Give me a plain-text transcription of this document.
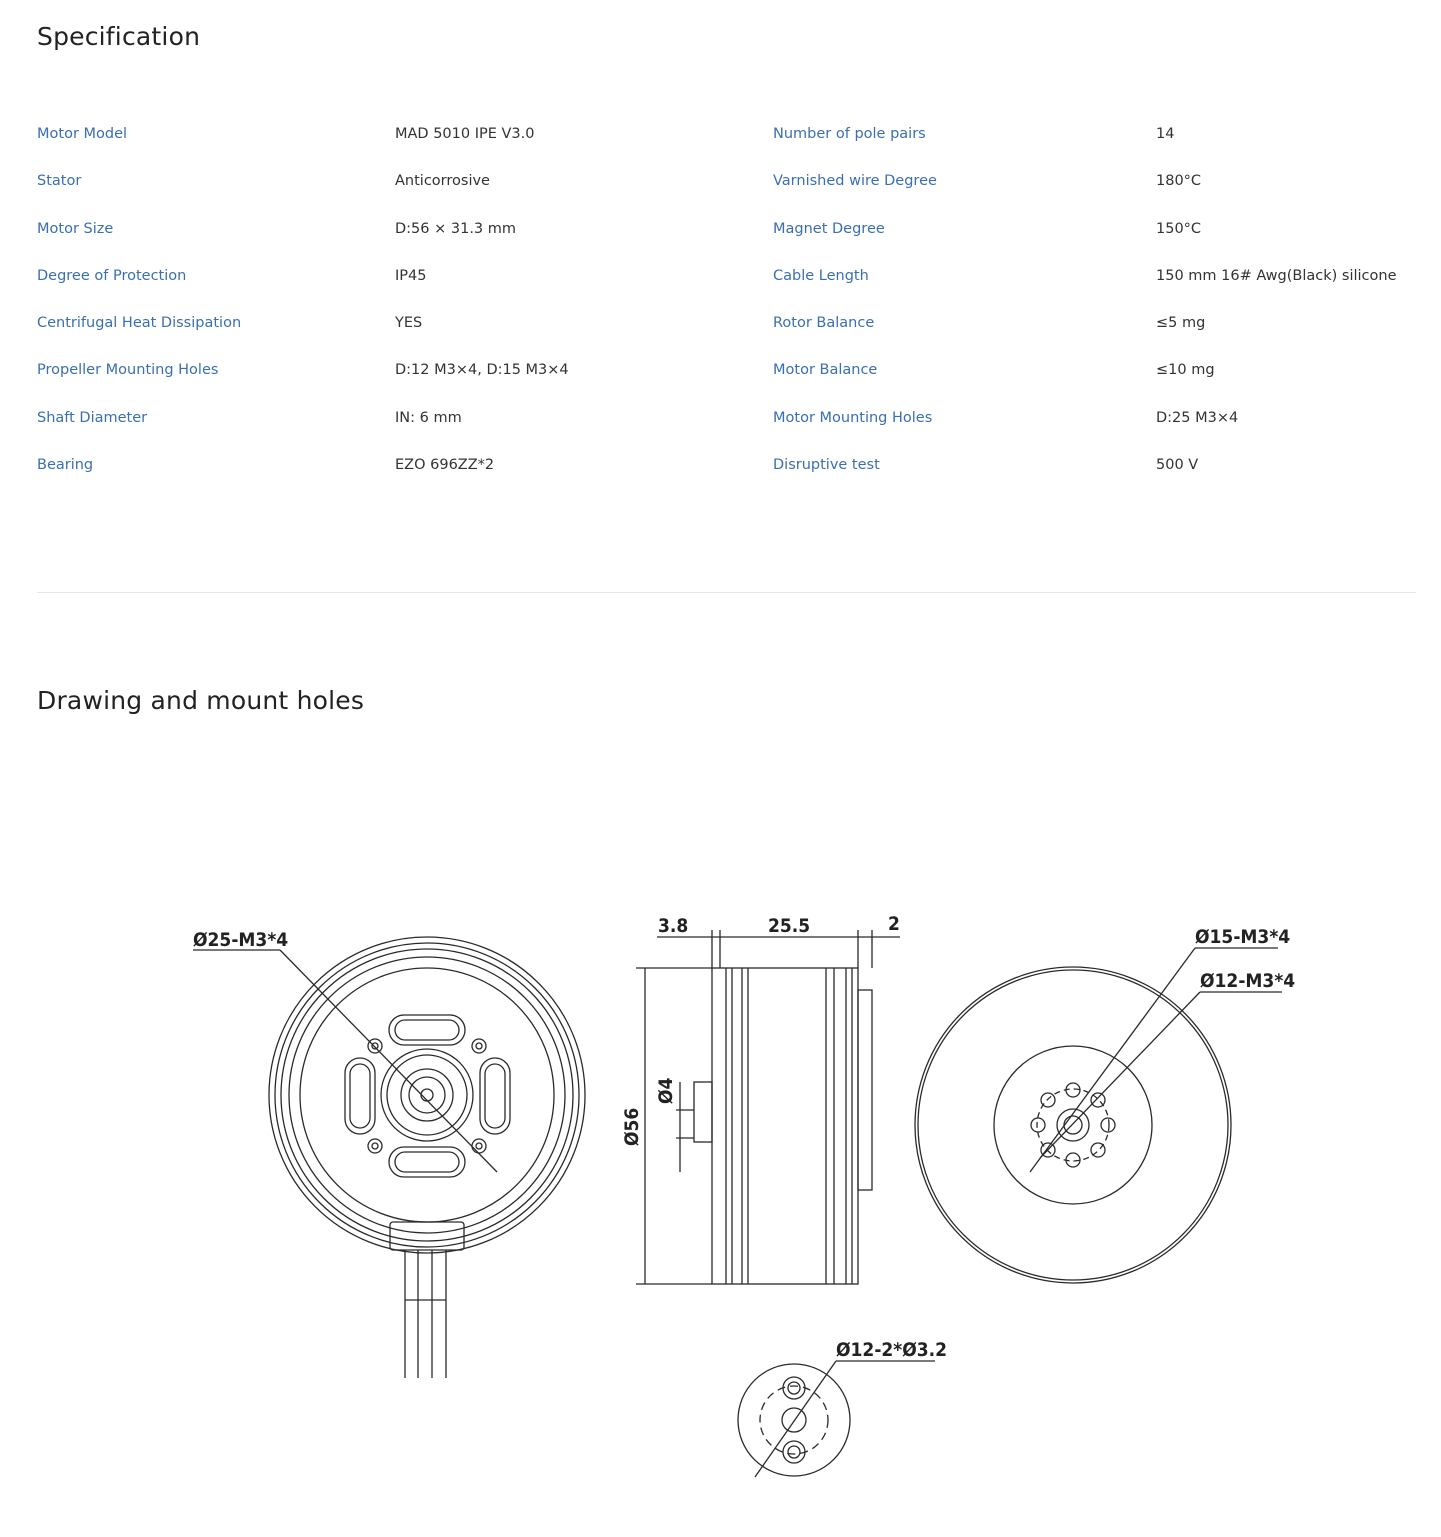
Specification
Motor Model	MAD 5010 IPE V3.0	Number of pole pairs	14
Stator	Anticorrosive	Varnished wire Degree	180°C
Motor Size	D:56 × 31.3 mm	Magnet Degree	150°C
Degree of Protection	IP45	Cable Length	150 mm 16# Awg(Black) silicone
Centrifugal Heat Dissipation	YES	Rotor Balance	≤5 mg
Propeller Mounting Holes	D:12 M3×4, D:15 M3×4	Motor Balance	≤10 mg
Shaft Diameter	IN: 6 mm	Motor Mounting Holes	D:25 M3×4
Bearing	EZO 696ZZ*2	Disruptive test	500 V
Drawing and mount holes
Ø25-M3*4
3.8	25.5	2
Ø56
Ø4
Ø15-M3*4
Ø12-M3*4
Ø12-2*Ø3.2
